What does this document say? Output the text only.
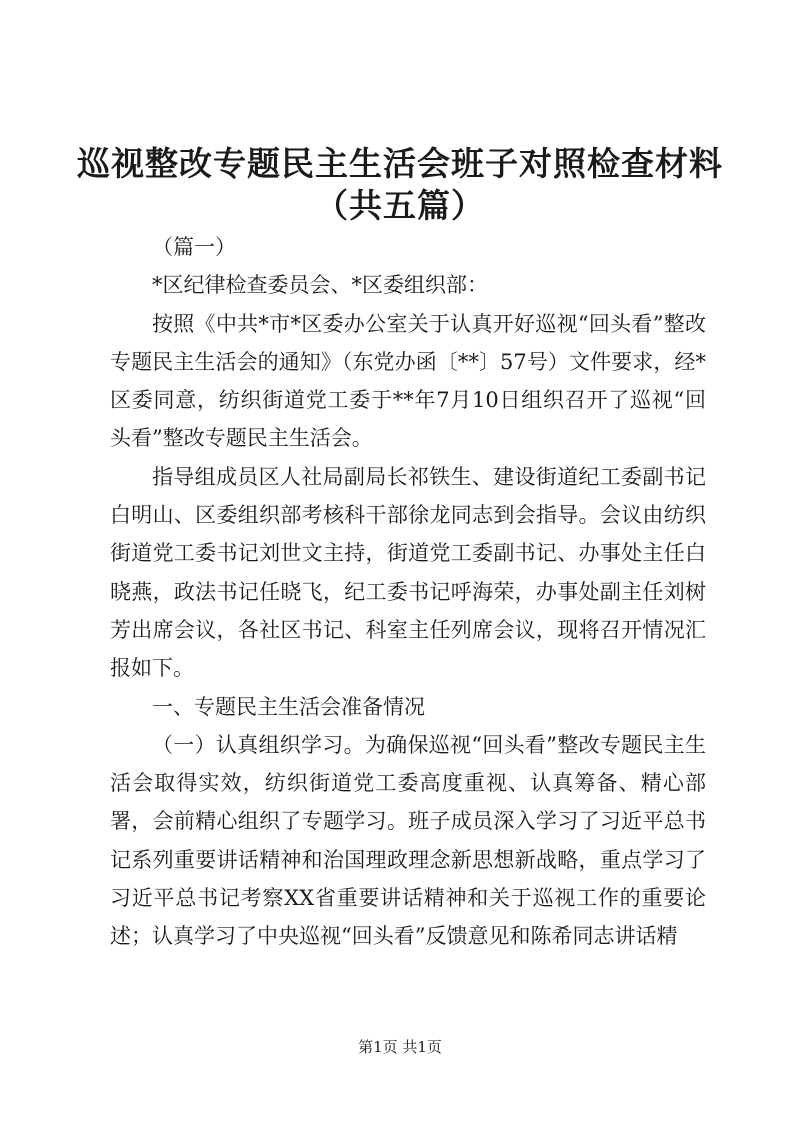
巡视整改专题民主生活会班子对照检查材料
（共五篇）

（篇一）

*区纪律检查委员会、*区委组织部：

按照《中共*市*区委办公室关于认真开好巡视“回头看”整改专题民主生活会的通知》（东党办函〔**〕57号）文件要求，经*区委同意，纺织街道党工委于**年7月10日组织召开了巡视“回头看”整改专题民主生活会。

指导组成员区人社局副局长祁铁生、建设街道纪工委副书记白明山、区委组织部考核科干部徐龙同志到会指导。会议由纺织街道党工委书记刘世文主持，街道党工委副书记、办事处主任白晓燕，政法书记任晓飞，纪工委书记呼海荣，办事处副主任刘树芳出席会议，各社区书记、科室主任列席会议，现将召开情况汇报如下。

一、专题民主生活会准备情况

（一）认真组织学习。为确保巡视“回头看”整改专题民主生活会取得实效，纺织街道党工委高度重视、认真筹备、精心部署，会前精心组织了专题学习。班子成员深入学习了习近平总书记系列重要讲话精神和治国理政理念新思想新战略，重点学习了习近平总书记考察XX省重要讲话精神和关于巡视工作的重要论述；认真学习了中央巡视“回头看”反馈意见和陈希同志讲话精

第1页 共1页
